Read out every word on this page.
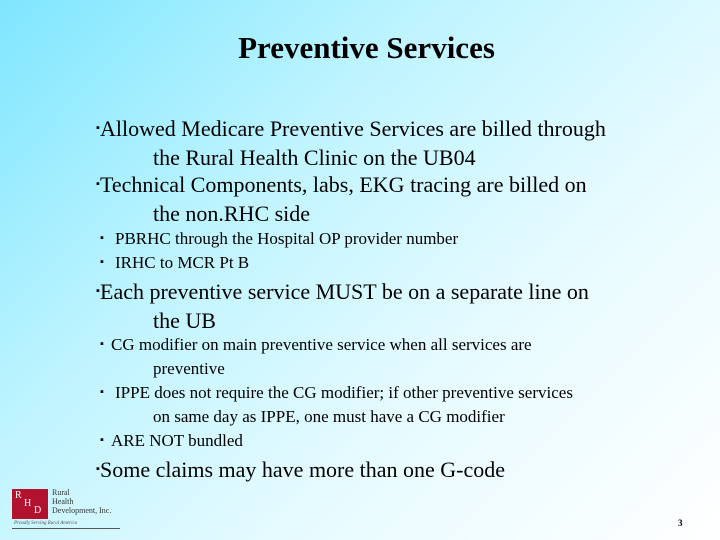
Preventive Services
▪ Allowed Medicare Preventive Services are billed through
the Rural Health Clinic on the UB04
▪ Technical Components, labs, EKG tracing are billed on
the non.RHC side
▪ PBRHC through the Hospital OP provider number
▪ IRHC to MCR Pt B
▪ Each preventive service MUST be on a separate line on
the UB
▪ CG modifier on main preventive service when all services are
preventive
▪ IPPE does not require the CG modifier; if other preventive services
on same day as IPPE, one must have a CG modifier
▪ ARE NOT bundled
▪ Some claims may have more than one G-code
R
H
D
Rural
Health
Development, Inc.
Proudly Serving Rural America	3
